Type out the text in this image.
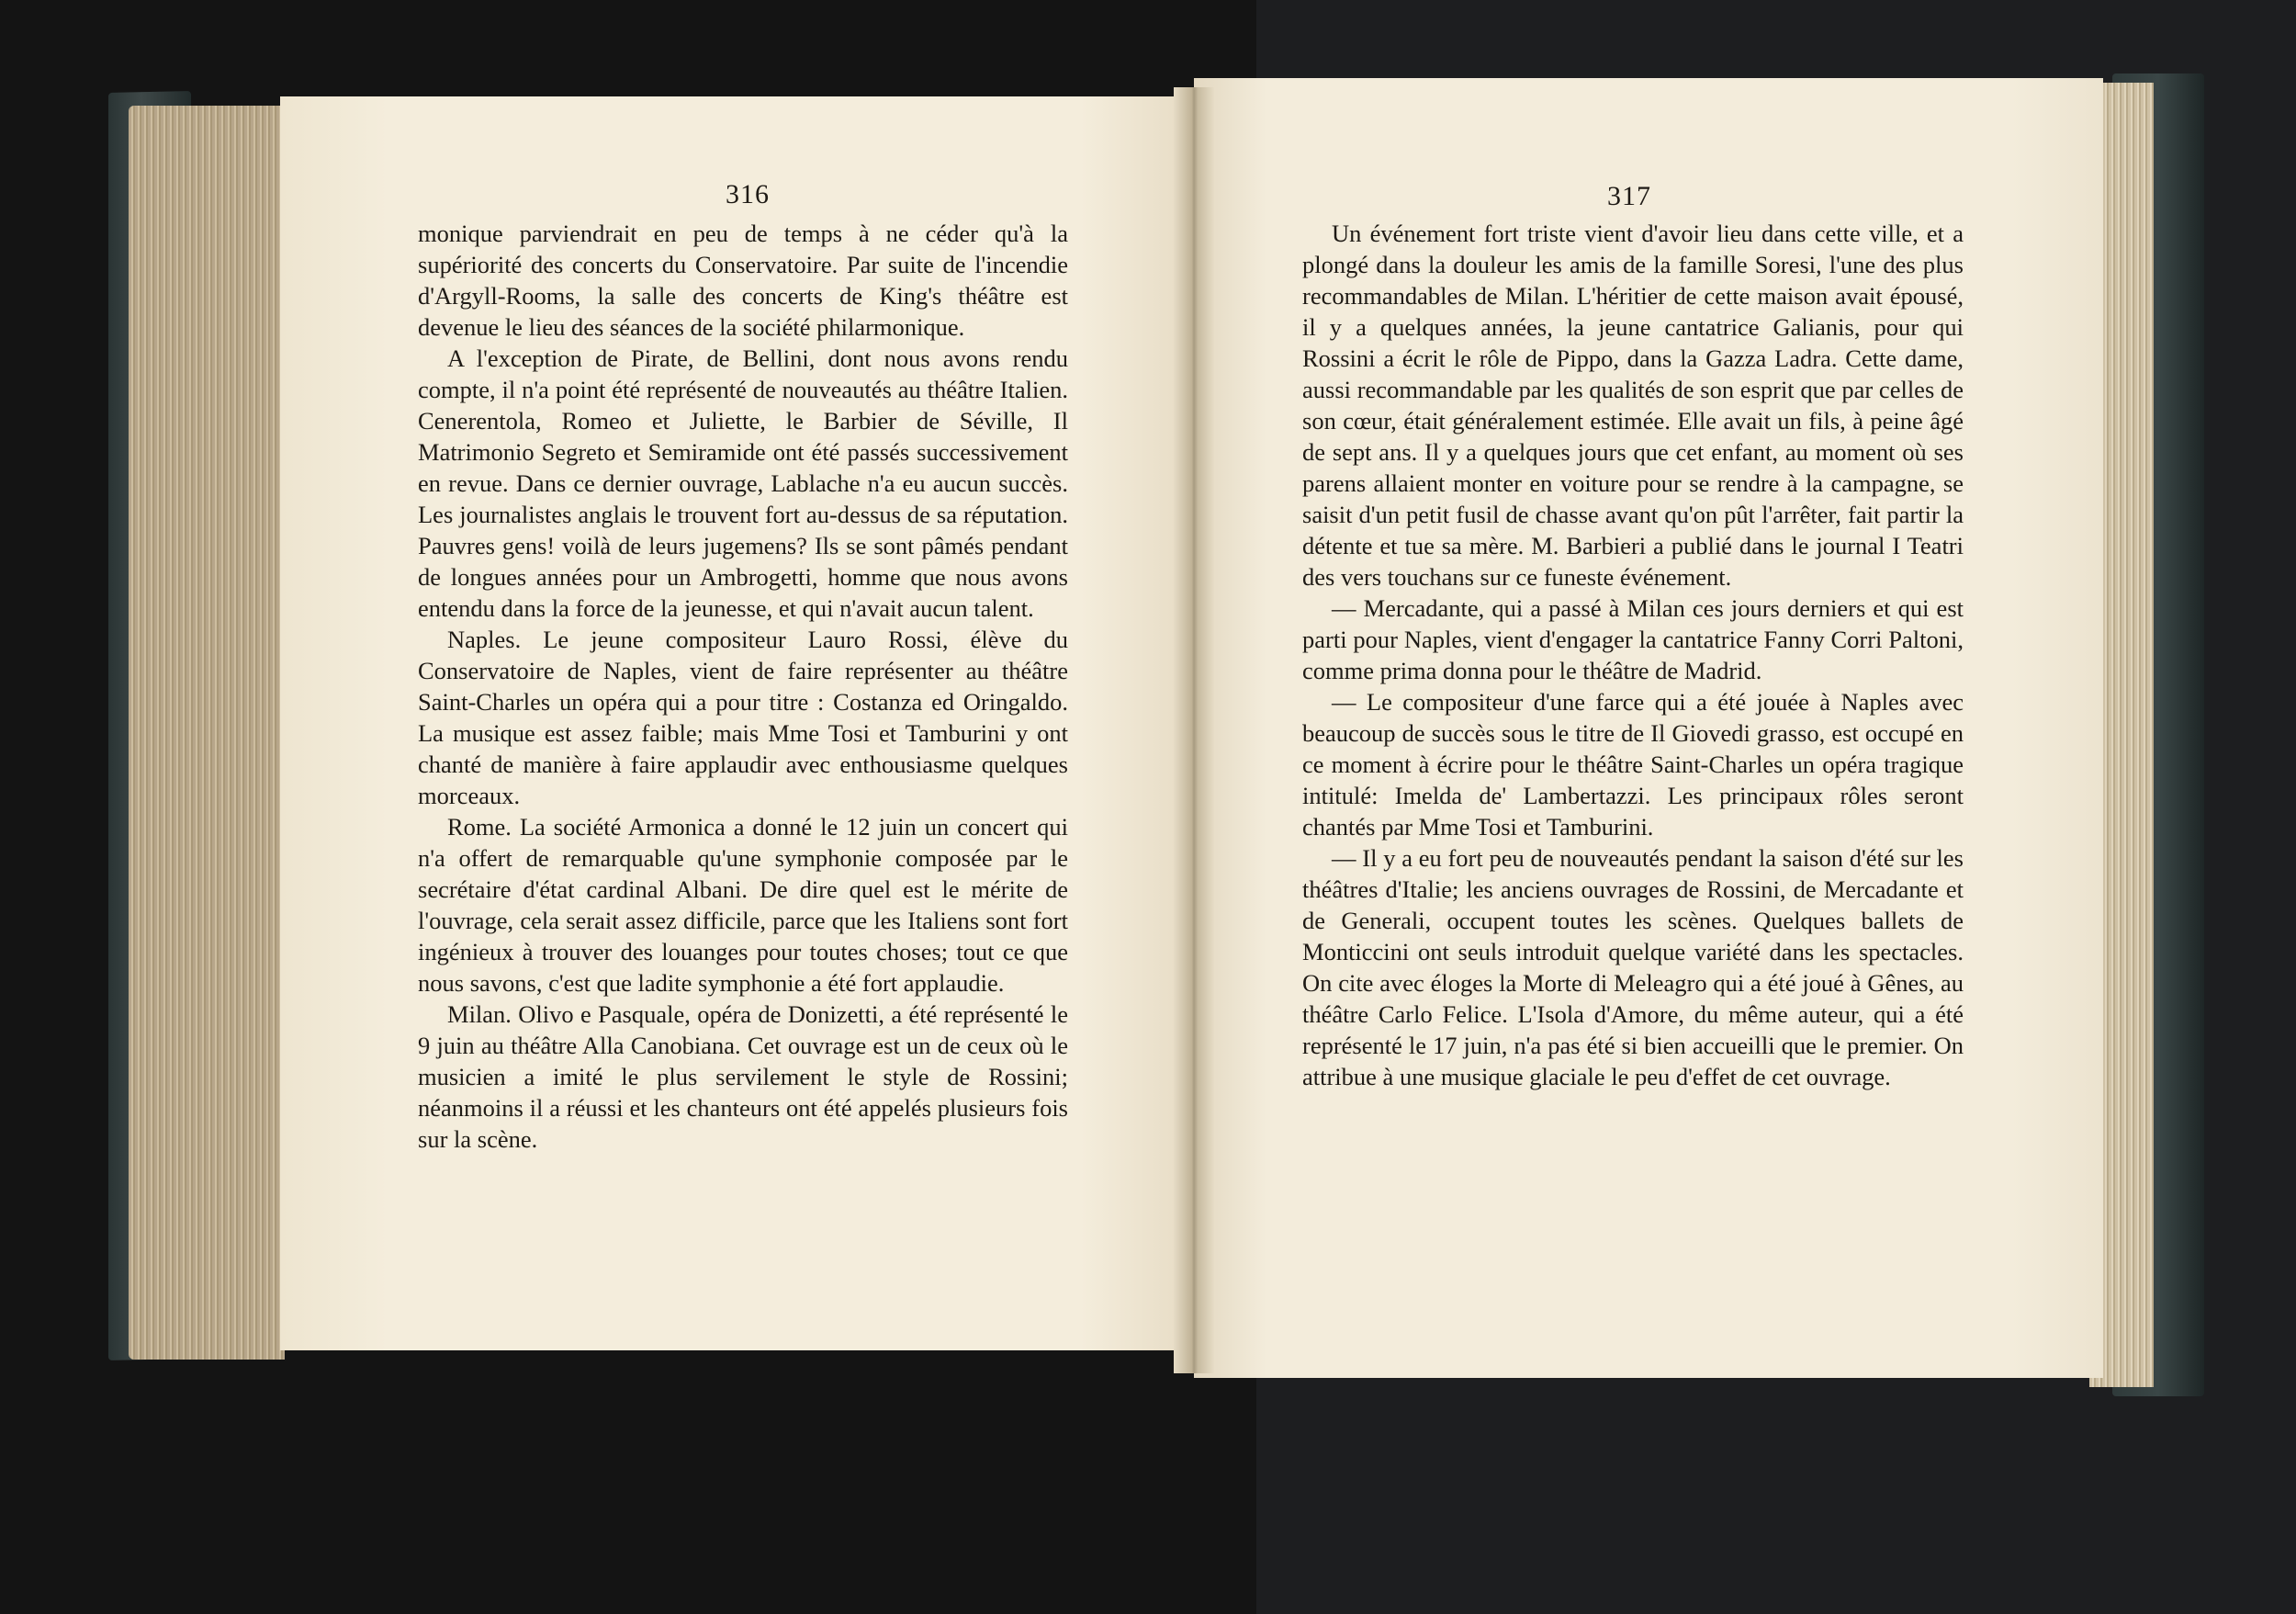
316

monique parviendrait en peu de temps à ne céder qu'à la supériorité des concerts du Conservatoire. Par suite de l'incendie d'Argyll-Rooms, la salle des concerts de King's théâtre est devenue le lieu des séances de la société philarmonique.

A l'exception de Pirate, de Bellini, dont nous avons rendu compte, il n'a point été représenté de nouveautés au théâtre Italien. Cenerentola, Romeo et Juliette, le Barbier de Séville, Il Matrimonio Segreto et Semiramide ont été passés successivement en revue. Dans ce dernier ouvrage, Lablache n'a eu aucun succès. Les journalistes anglais le trouvent fort au-dessus de sa réputation. Pauvres gens! voilà de leurs jugemens? Ils se sont pâmés pendant de longues années pour un Ambrogetti, homme que nous avons entendu dans la force de la jeunesse, et qui n'avait aucun talent.

Naples. Le jeune compositeur Lauro Rossi, élève du Conservatoire de Naples, vient de faire représenter au théâtre Saint-Charles un opéra qui a pour titre : Costanza ed Oringaldo. La musique est assez faible; mais Mme Tosi et Tamburini y ont chanté de manière à faire applaudir avec enthousiasme quelques morceaux.

Rome. La société Armonica a donné le 12 juin un concert qui n'a offert de remarquable qu'une symphonie composée par le secrétaire d'état cardinal Albani. De dire quel est le mérite de l'ouvrage, cela serait assez difficile, parce que les Italiens sont fort ingénieux à trouver des louanges pour toutes choses; tout ce que nous savons, c'est que ladite symphonie a été fort applaudie.

Milan. Olivo e Pasquale, opéra de Donizetti, a été représenté le 9 juin au théâtre Alla Canobiana. Cet ouvrage est un de ceux où le musicien a imité le plus servilement le style de Rossini; néanmoins il a réussi et les chanteurs ont été appelés plusieurs fois sur la scène.

317

Un événement fort triste vient d'avoir lieu dans cette ville, et a plongé dans la douleur les amis de la famille Soresi, l'une des plus recommandables de Milan. L'héritier de cette maison avait épousé, il y a quelques années, la jeune cantatrice Galianis, pour qui Rossini a écrit le rôle de Pippo, dans la Gazza Ladra. Cette dame, aussi recommandable par les qualités de son esprit que par celles de son cœur, était généralement estimée. Elle avait un fils, à peine âgé de sept ans. Il y a quelques jours que cet enfant, au moment où ses parens allaient monter en voiture pour se rendre à la campagne, se saisit d'un petit fusil de chasse avant qu'on pût l'arrêter, fait partir la détente et tue sa mère. M. Barbieri a publié dans le journal I Teatri des vers touchans sur ce funeste événement.

— Mercadante, qui a passé à Milan ces jours derniers et qui est parti pour Naples, vient d'engager la cantatrice Fanny Corri Paltoni, comme prima donna pour le théâtre de Madrid.

— Le compositeur d'une farce qui a été jouée à Naples avec beaucoup de succès sous le titre de Il Giovedi grasso, est occupé en ce moment à écrire pour le théâtre Saint-Charles un opéra tragique intitulé: Imelda de' Lambertazzi. Les principaux rôles seront chantés par Mme Tosi et Tamburini.

— Il y a eu fort peu de nouveautés pendant la saison d'été sur les théâtres d'Italie; les anciens ouvrages de Rossini, de Mercadante et de Generali, occupent toutes les scènes. Quelques ballets de Monticcini ont seuls introduit quelque variété dans les spectacles. On cite avec éloges la Morte di Meleagro qui a été joué à Gênes, au théâtre Carlo Felice. L'Isola d'Amore, du même auteur, qui a été représenté le 17 juin, n'a pas été si bien accueilli que le premier. On attribue à une musique glaciale le peu d'effet de cet ouvrage.
